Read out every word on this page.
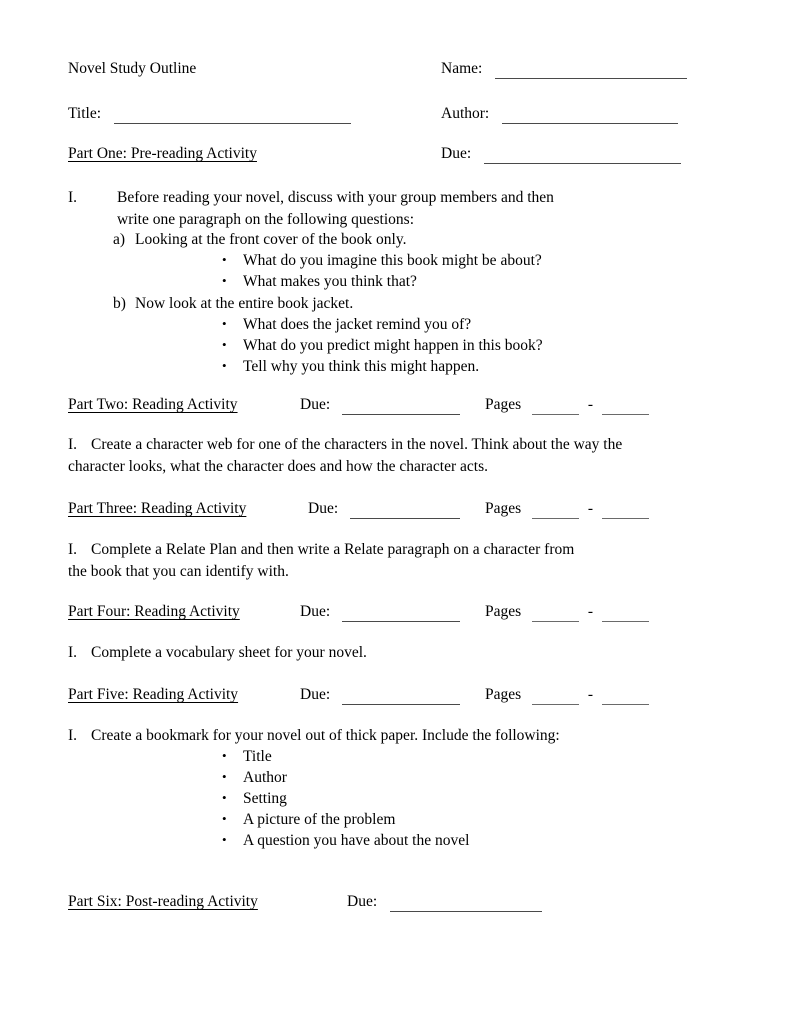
Novel Study Outline	Name:
Title:	Author:
Part One: Pre-reading Activity	Due:
I.	Before reading your novel, discuss with your group members and then
write one paragraph on the following questions:
a) Looking at the front cover of the book only.
• What do you imagine this book might be about?
• What makes you think that?
b) Now look at the entire book jacket.
• What does the jacket remind you of?
• What do you predict might happen in this book?
• Tell why you think this might happen.
Part Two: Reading Activity	Due:	Pages	-
I. Create a character web for one of the characters in the novel. Think about the way the
character looks, what the character does and how the character acts.
Part Three: Reading Activity	Due:	Pages	-
I. Complete a Relate Plan and then write a Relate paragraph on a character from
the book that you can identify with.
Part Four: Reading Activity	Due:	Pages	-
I. Complete a vocabulary sheet for your novel.
Part Five: Reading Activity	Due:	Pages	-
I. Create a bookmark for your novel out of thick paper. Include the following:
• Title
• Author
• Setting
• A picture of the problem
• A question you have about the novel
Part Six: Post-reading Activity	Due:
